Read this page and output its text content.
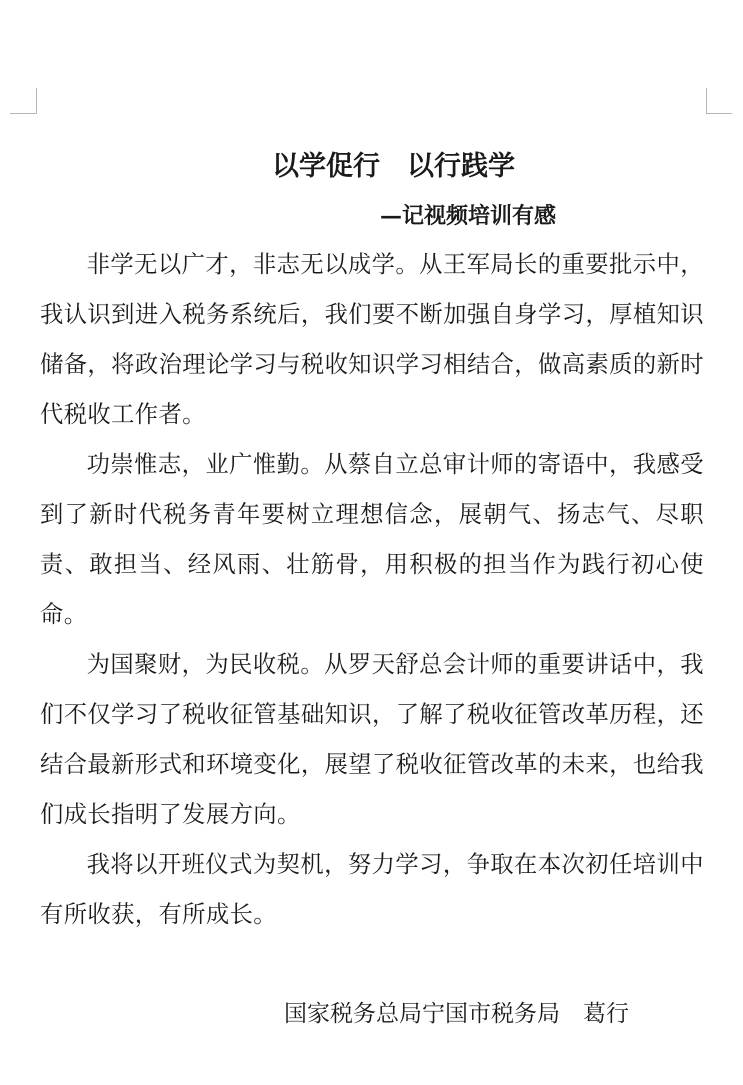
以学促行　以行践学

—记视频培训有感

非学无以广才，非志无以成学。从王军局长的重要批示中，我认识到进入税务系统后，我们要不断加强自身学习，厚植知识储备，将政治理论学习与税收知识学习相结合，做高素质的新时代税收工作者。

功崇惟志，业广惟勤。从蔡自立总审计师的寄语中，我感受到了新时代税务青年要树立理想信念，展朝气、扬志气、尽职责、敢担当、经风雨、壮筋骨，用积极的担当作为践行初心使命。

为国聚财，为民收税。从罗天舒总会计师的重要讲话中，我们不仅学习了税收征管基础知识，了解了税收征管改革历程，还结合最新形式和环境变化，展望了税收征管改革的未来，也给我们成长指明了发展方向。

我将以开班仪式为契机，努力学习，争取在本次初任培训中有所收获，有所成长。

国家税务总局宁国市税务局　葛行
